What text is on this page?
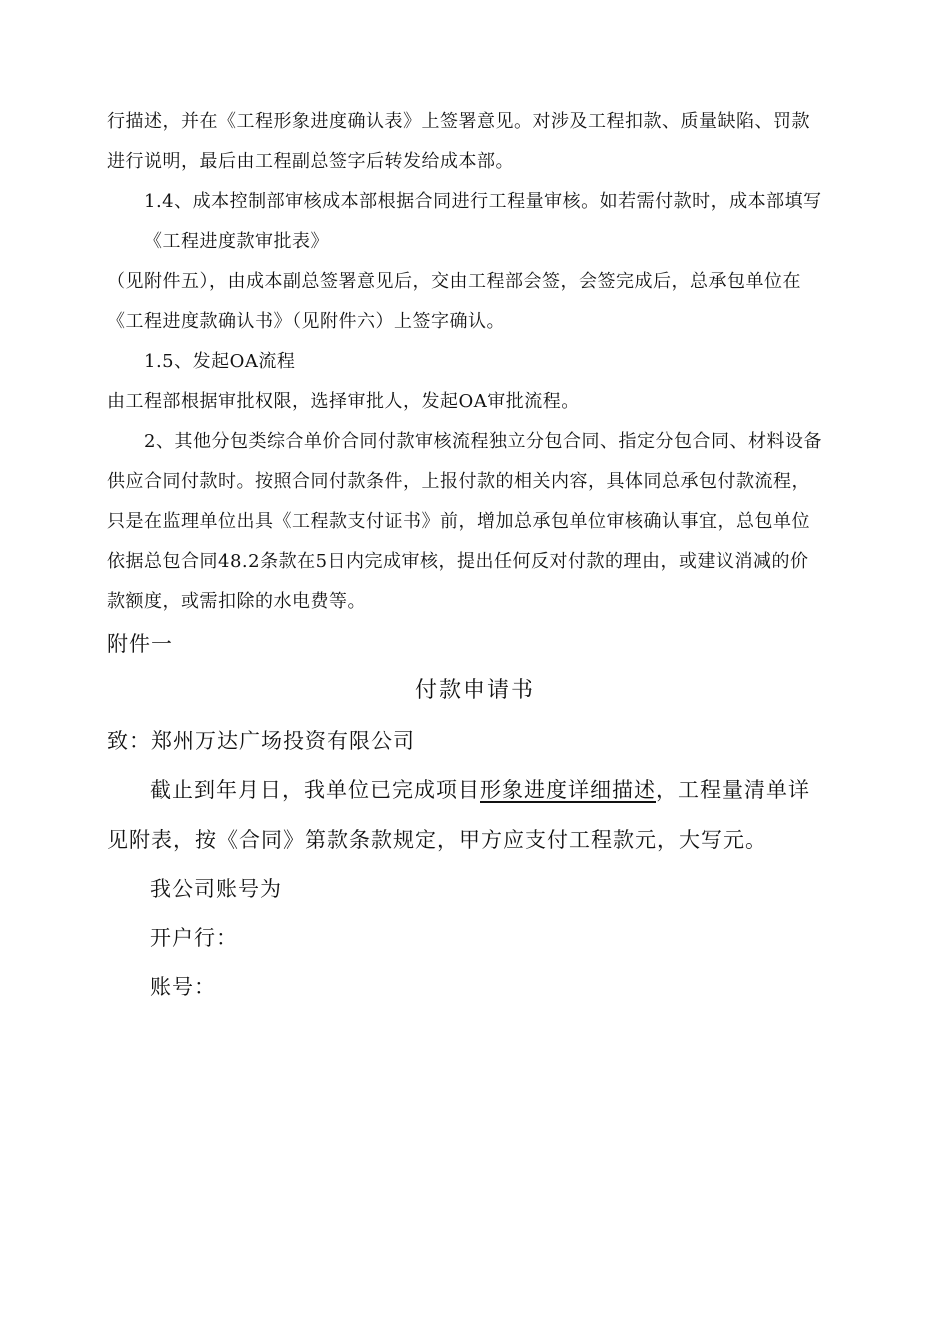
行描述，并在《工程形象进度确认表》上签署意见。对涉及工程扣款、质量缺陷、罚款
进行说明，最后由工程副总签字后转发给成本部。
1.4、成本控制部审核成本部根据合同进行工程量审核。如若需付款时，成本部填写
《工程进度款审批表》
（见附件五），由成本副总签署意见后，交由工程部会签，会签完成后，总承包单位在
《工程进度款确认书》（见附件六）上签字确认。
1.5、发起OA流程
由工程部根据审批权限，选择审批人，发起OA审批流程。
2、其他分包类综合单价合同付款审核流程独立分包合同、指定分包合同、材料设备
供应合同付款时。按照合同付款条件，上报付款的相关内容，具体同总承包付款流程，
只是在监理单位出具《工程款支付证书》前，增加总承包单位审核确认事宜，总包单位
依据总包合同48.2条款在5日内完成审核，提出任何反对付款的理由，或建议消减的价
款额度，或需扣除的水电费等。
附件一
付款申请书
致：郑州万达广场投资有限公司
截止到年月日，我单位已完成项目形象进度详细描述，工程量清单详
见附表，按《合同》第款条款规定，甲方应支付工程款元，大写元。
我公司账号为
开户行：
账号：
